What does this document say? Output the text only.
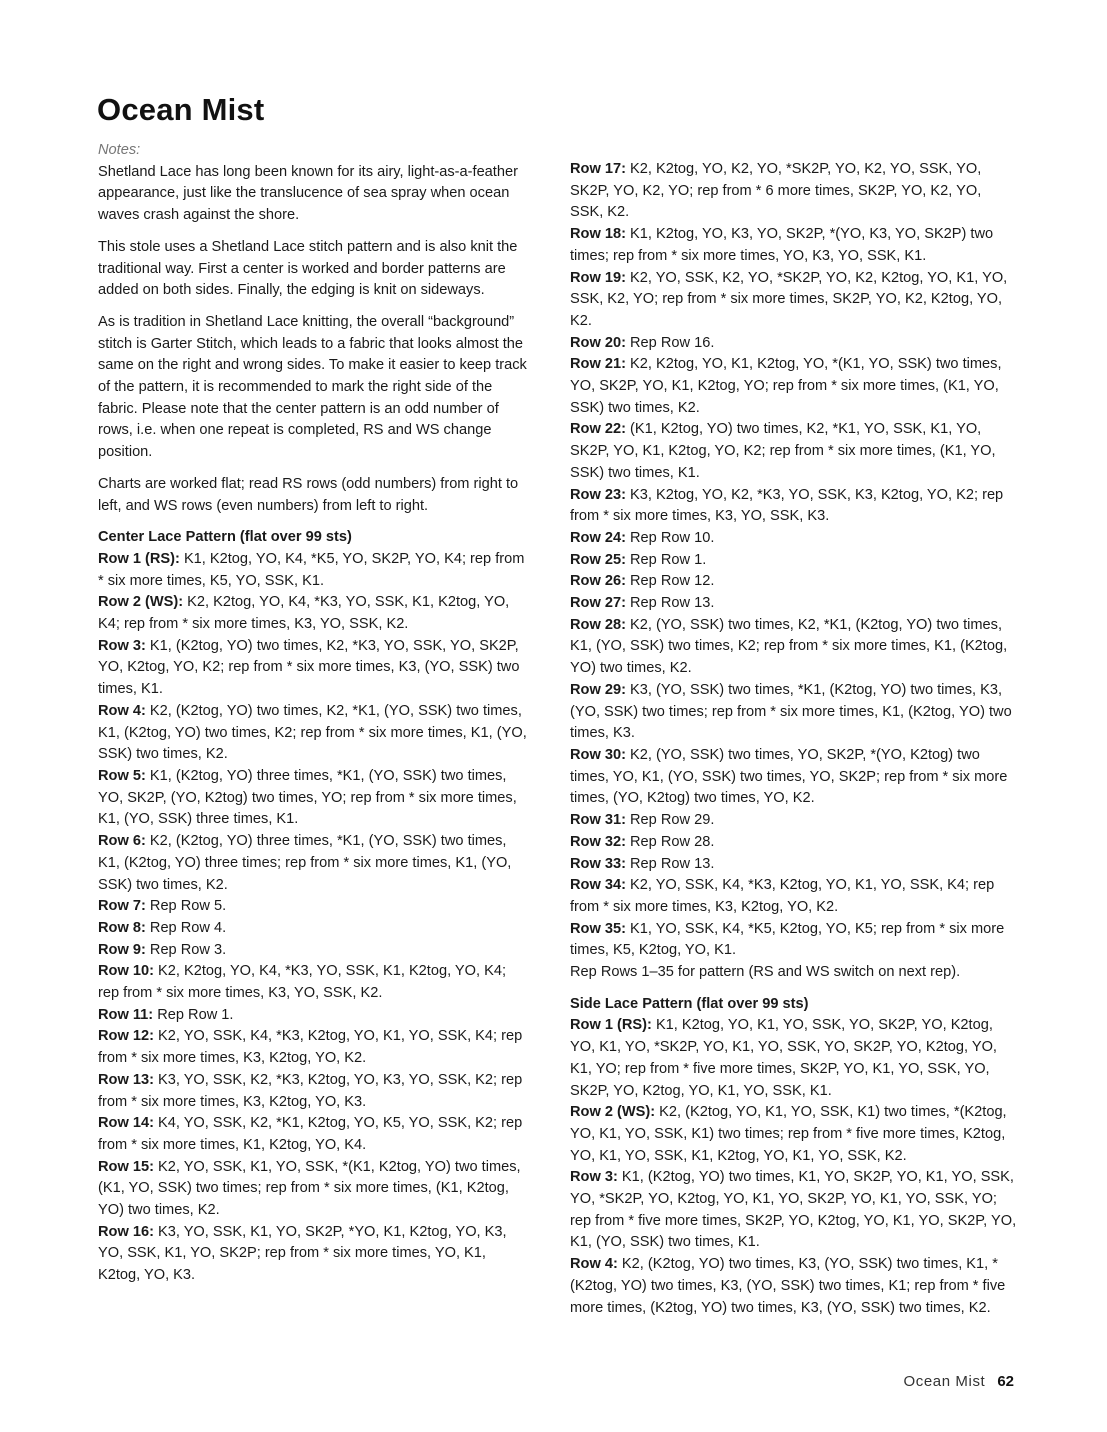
Ocean Mist

Notes:

Shetland Lace has long been known for its airy, light-as-a-feather appearance, just like the translucence of sea spray when ocean waves crash against the shore.

This stole uses a Shetland Lace stitch pattern and is also knit the traditional way. First a center is worked and border patterns are added on both sides. Finally, the edging is knit on sideways.

As is tradition in Shetland Lace knitting, the overall “background” stitch is Garter Stitch, which leads to a fabric that looks almost the same on the right and wrong sides. To make it easier to keep track of the pattern, it is recommended to mark the right side of the fabric. Please note that the center pattern is an odd number of rows, i.e. when one repeat is completed, RS and WS change position.

Charts are worked flat; read RS rows (odd numbers) from right to left, and WS rows (even numbers) from left to right.

Center Lace Pattern (flat over 99 sts)

Row 1 (RS): K1, K2tog, YO, K4, *K5, YO, SK2P, YO, K4; rep from * six more times, K5, YO, SSK, K1.

Row 2 (WS): K2, K2tog, YO, K4, *K3, YO, SSK, K1, K2tog, YO, K4; rep from * six more times, K3, YO, SSK, K2.

Row 3: K1, (K2tog, YO) two times, K2, *K3, YO, SSK, YO, SK2P, YO, K2tog, YO, K2; rep from * six more times, K3, (YO, SSK) two times, K1.

Row 4: K2, (K2tog, YO) two times, K2, *K1, (YO, SSK) two times, K1, (K2tog, YO) two times, K2; rep from * six more times, K1, (YO, SSK) two times, K2.

Row 5: K1, (K2tog, YO) three times, *K1, (YO, SSK) two times, YO, SK2P, (YO, K2tog) two times, YO; rep from * six more times, K1, (YO, SSK) three times, K1.

Row 6: K2, (K2tog, YO) three times, *K1, (YO, SSK) two times, K1, (K2tog, YO) three times; rep from * six more times, K1, (YO, SSK) two times, K2.

Row 7: Rep Row 5.

Row 8: Rep Row 4.

Row 9: Rep Row 3.

Row 10: K2, K2tog, YO, K4, *K3, YO, SSK, K1, K2tog, YO, K4; rep from * six more times, K3, YO, SSK, K2.

Row 11: Rep Row 1.

Row 12: K2, YO, SSK, K4, *K3, K2tog, YO, K1, YO, SSK, K4; rep from * six more times, K3, K2tog, YO, K2.

Row 13: K3, YO, SSK, K2, *K3, K2tog, YO, K3, YO, SSK, K2; rep from * six more times, K3, K2tog, YO, K3.

Row 14: K4, YO, SSK, K2, *K1, K2tog, YO, K5, YO, SSK, K2; rep from * six more times, K1, K2tog, YO, K4.

Row 15: K2, YO, SSK, K1, YO, SSK, *(K1, K2tog, YO) two times, (K1, YO, SSK) two times; rep from * six more times, (K1, K2tog, YO) two times, K2.

Row 16: K3, YO, SSK, K1, YO, SK2P, *YO, K1, K2tog, YO, K3, YO, SSK, K1, YO, SK2P; rep from * six more times, YO, K1, K2tog, YO, K3.

Row 17: K2, K2tog, YO, K2, YO, *SK2P, YO, K2, YO, SSK, YO, SK2P, YO, K2, YO; rep from * 6 more times, SK2P, YO, K2, YO, SSK, K2.

Row 18: K1, K2tog, YO, K3, YO, SK2P, *(YO, K3, YO, SK2P) two times; rep from * six more times, YO, K3, YO, SSK, K1.

Row 19: K2, YO, SSK, K2, YO, *SK2P, YO, K2, K2tog, YO, K1, YO, SSK, K2, YO; rep from * six more times, SK2P, YO, K2, K2tog, YO, K2.

Row 20: Rep Row 16.

Row 21: K2, K2tog, YO, K1, K2tog, YO, *(K1, YO, SSK) two times, YO, SK2P, YO, K1, K2tog, YO; rep from * six more times, (K1, YO, SSK) two times, K2.

Row 22: (K1, K2tog, YO) two times, K2, *K1, YO, SSK, K1, YO, SK2P, YO, K1, K2tog, YO, K2; rep from * six more times, (K1, YO, SSK) two times, K1.

Row 23: K3, K2tog, YO, K2, *K3, YO, SSK, K3, K2tog, YO, K2; rep from * six more times, K3, YO, SSK, K3.

Row 24: Rep Row 10.

Row 25: Rep Row 1.

Row 26: Rep Row 12.

Row 27: Rep Row 13.

Row 28: K2, (YO, SSK) two times, K2, *K1, (K2tog, YO) two times, K1, (YO, SSK) two times, K2; rep from * six more times, K1, (K2tog, YO) two times, K2.

Row 29: K3, (YO, SSK) two times, *K1, (K2tog, YO) two times, K3, (YO, SSK) two times; rep from * six more times, K1, (K2tog, YO) two times, K3.

Row 30: K2, (YO, SSK) two times, YO, SK2P, *(YO, K2tog) two times, YO, K1, (YO, SSK) two times, YO, SK2P; rep from * six more times, (YO, K2tog) two times, YO, K2.

Row 31: Rep Row 29.

Row 32: Rep Row 28.

Row 33: Rep Row 13.

Row 34: K2, YO, SSK, K4, *K3, K2tog, YO, K1, YO, SSK, K4; rep from * six more times, K3, K2tog, YO, K2.

Row 35: K1, YO, SSK, K4, *K5, K2tog, YO, K5; rep from * six more times, K5, K2tog, YO, K1.

Rep Rows 1–35 for pattern (RS and WS switch on next rep).

Side Lace Pattern (flat over 99 sts)

Row 1 (RS): K1, K2tog, YO, K1, YO, SSK, YO, SK2P, YO, K2tog, YO, K1, YO, *SK2P, YO, K1, YO, SSK, YO, SK2P, YO, K2tog, YO, K1, YO; rep from * five more times, SK2P, YO, K1, YO, SSK, YO, SK2P, YO, K2tog, YO, K1, YO, SSK, K1.

Row 2 (WS): K2, (K2tog, YO, K1, YO, SSK, K1) two times, *(K2tog, YO, K1, YO, SSK, K1) two times; rep from * five more times, K2tog, YO, K1, YO, SSK, K1, K2tog, YO, K1, YO, SSK, K2.

Row 3: K1, (K2tog, YO) two times, K1, YO, SK2P, YO, K1, YO, SSK, YO, *SK2P, YO, K2tog, YO, K1, YO, SK2P, YO, K1, YO, SSK, YO; rep from * five more times, SK2P, YO, K2tog, YO, K1, YO, SK2P, YO, K1, (YO, SSK) two times, K1.

Row 4: K2, (K2tog, YO) two times, K3, (YO, SSK) two times, K1, *(K2tog, YO) two times, K3, (YO, SSK) two times, K1; rep from * five more times, (K2tog, YO) two times, K3, (YO, SSK) two times, K2.

Ocean Mist 62
